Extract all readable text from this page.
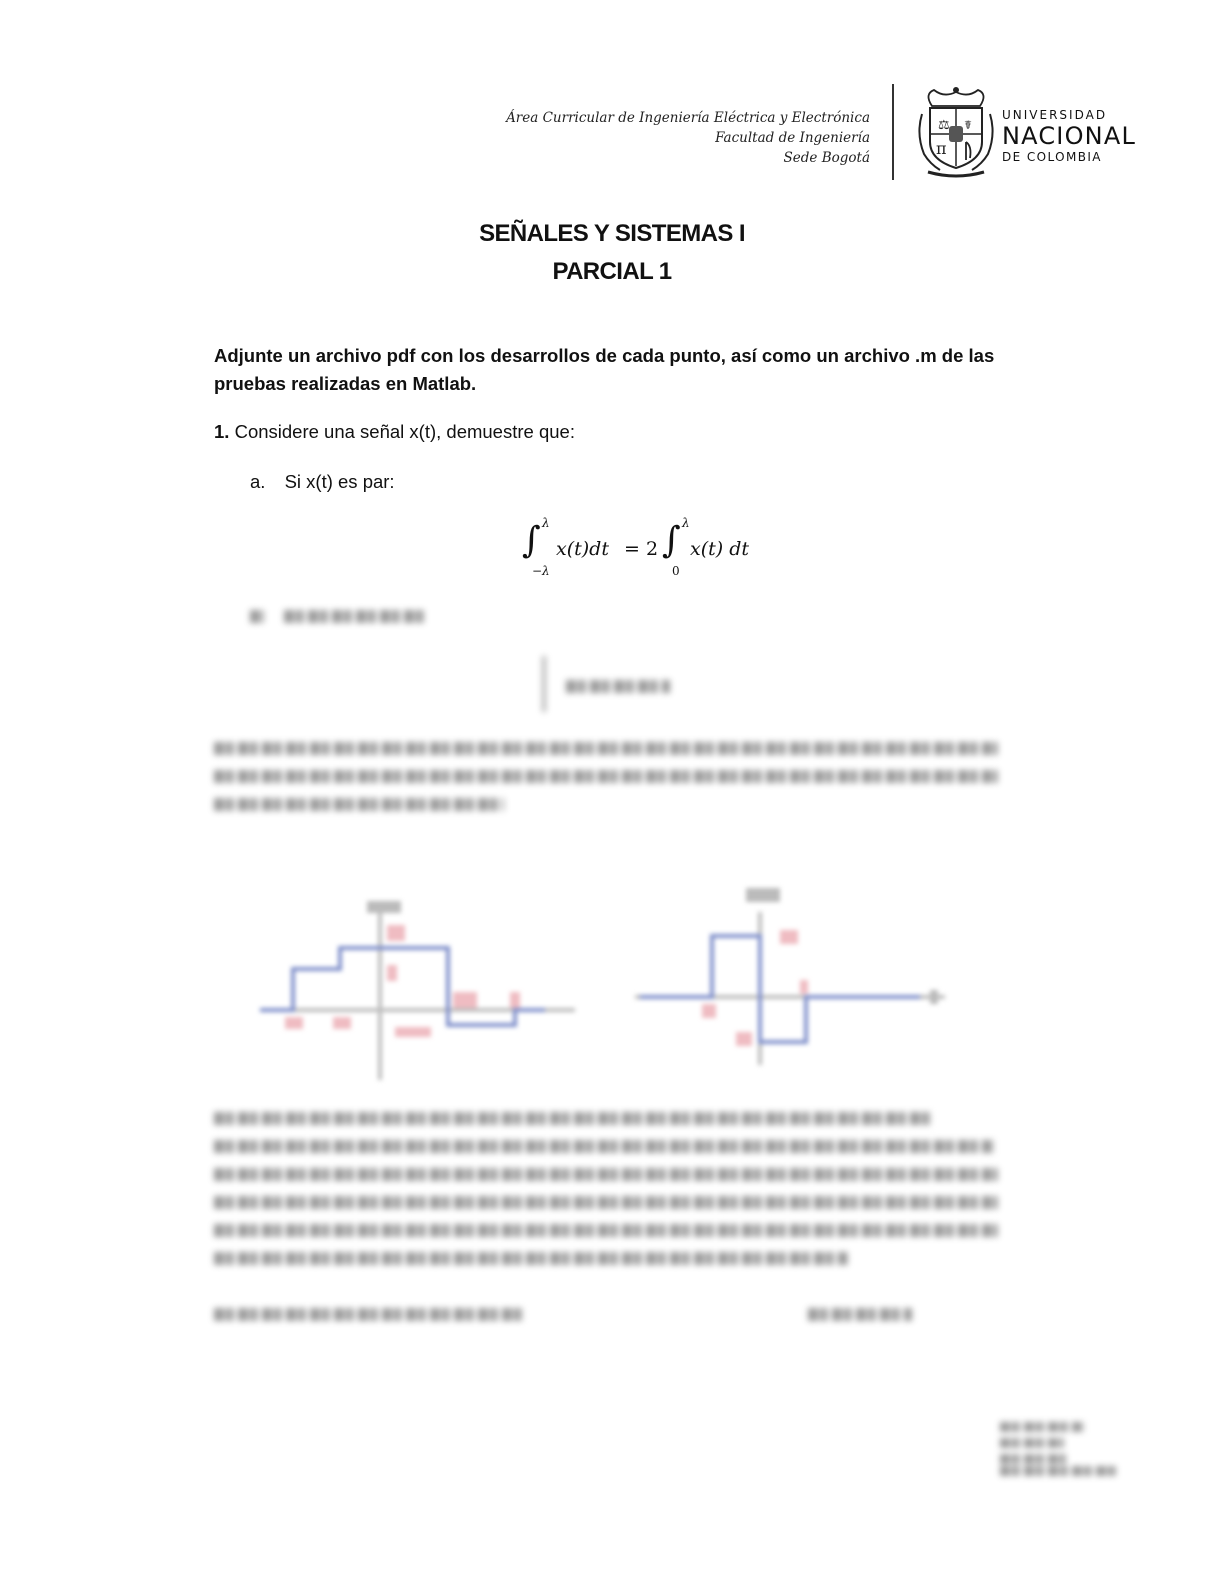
Área Curricular de Ingeniería Eléctrica y Electrónica
Facultad de Ingeniería
Sede Bogotá
⚖ ☤
π
UNIVERSIDAD
NACIONAL
DE COLOMBIA
SEÑALES Y SISTEMAS I
PARCIAL 1
Adjunte un archivo pdf con los desarrollos de cada punto, así como un archivo .m de las pruebas realizadas en Matlab.
1. Considere una señal x(t), demuestre que:
a. Si x(t) es par:
∫ λ
−λ
x(t)dt = 2 ∫ λ
0
x(t) dt
